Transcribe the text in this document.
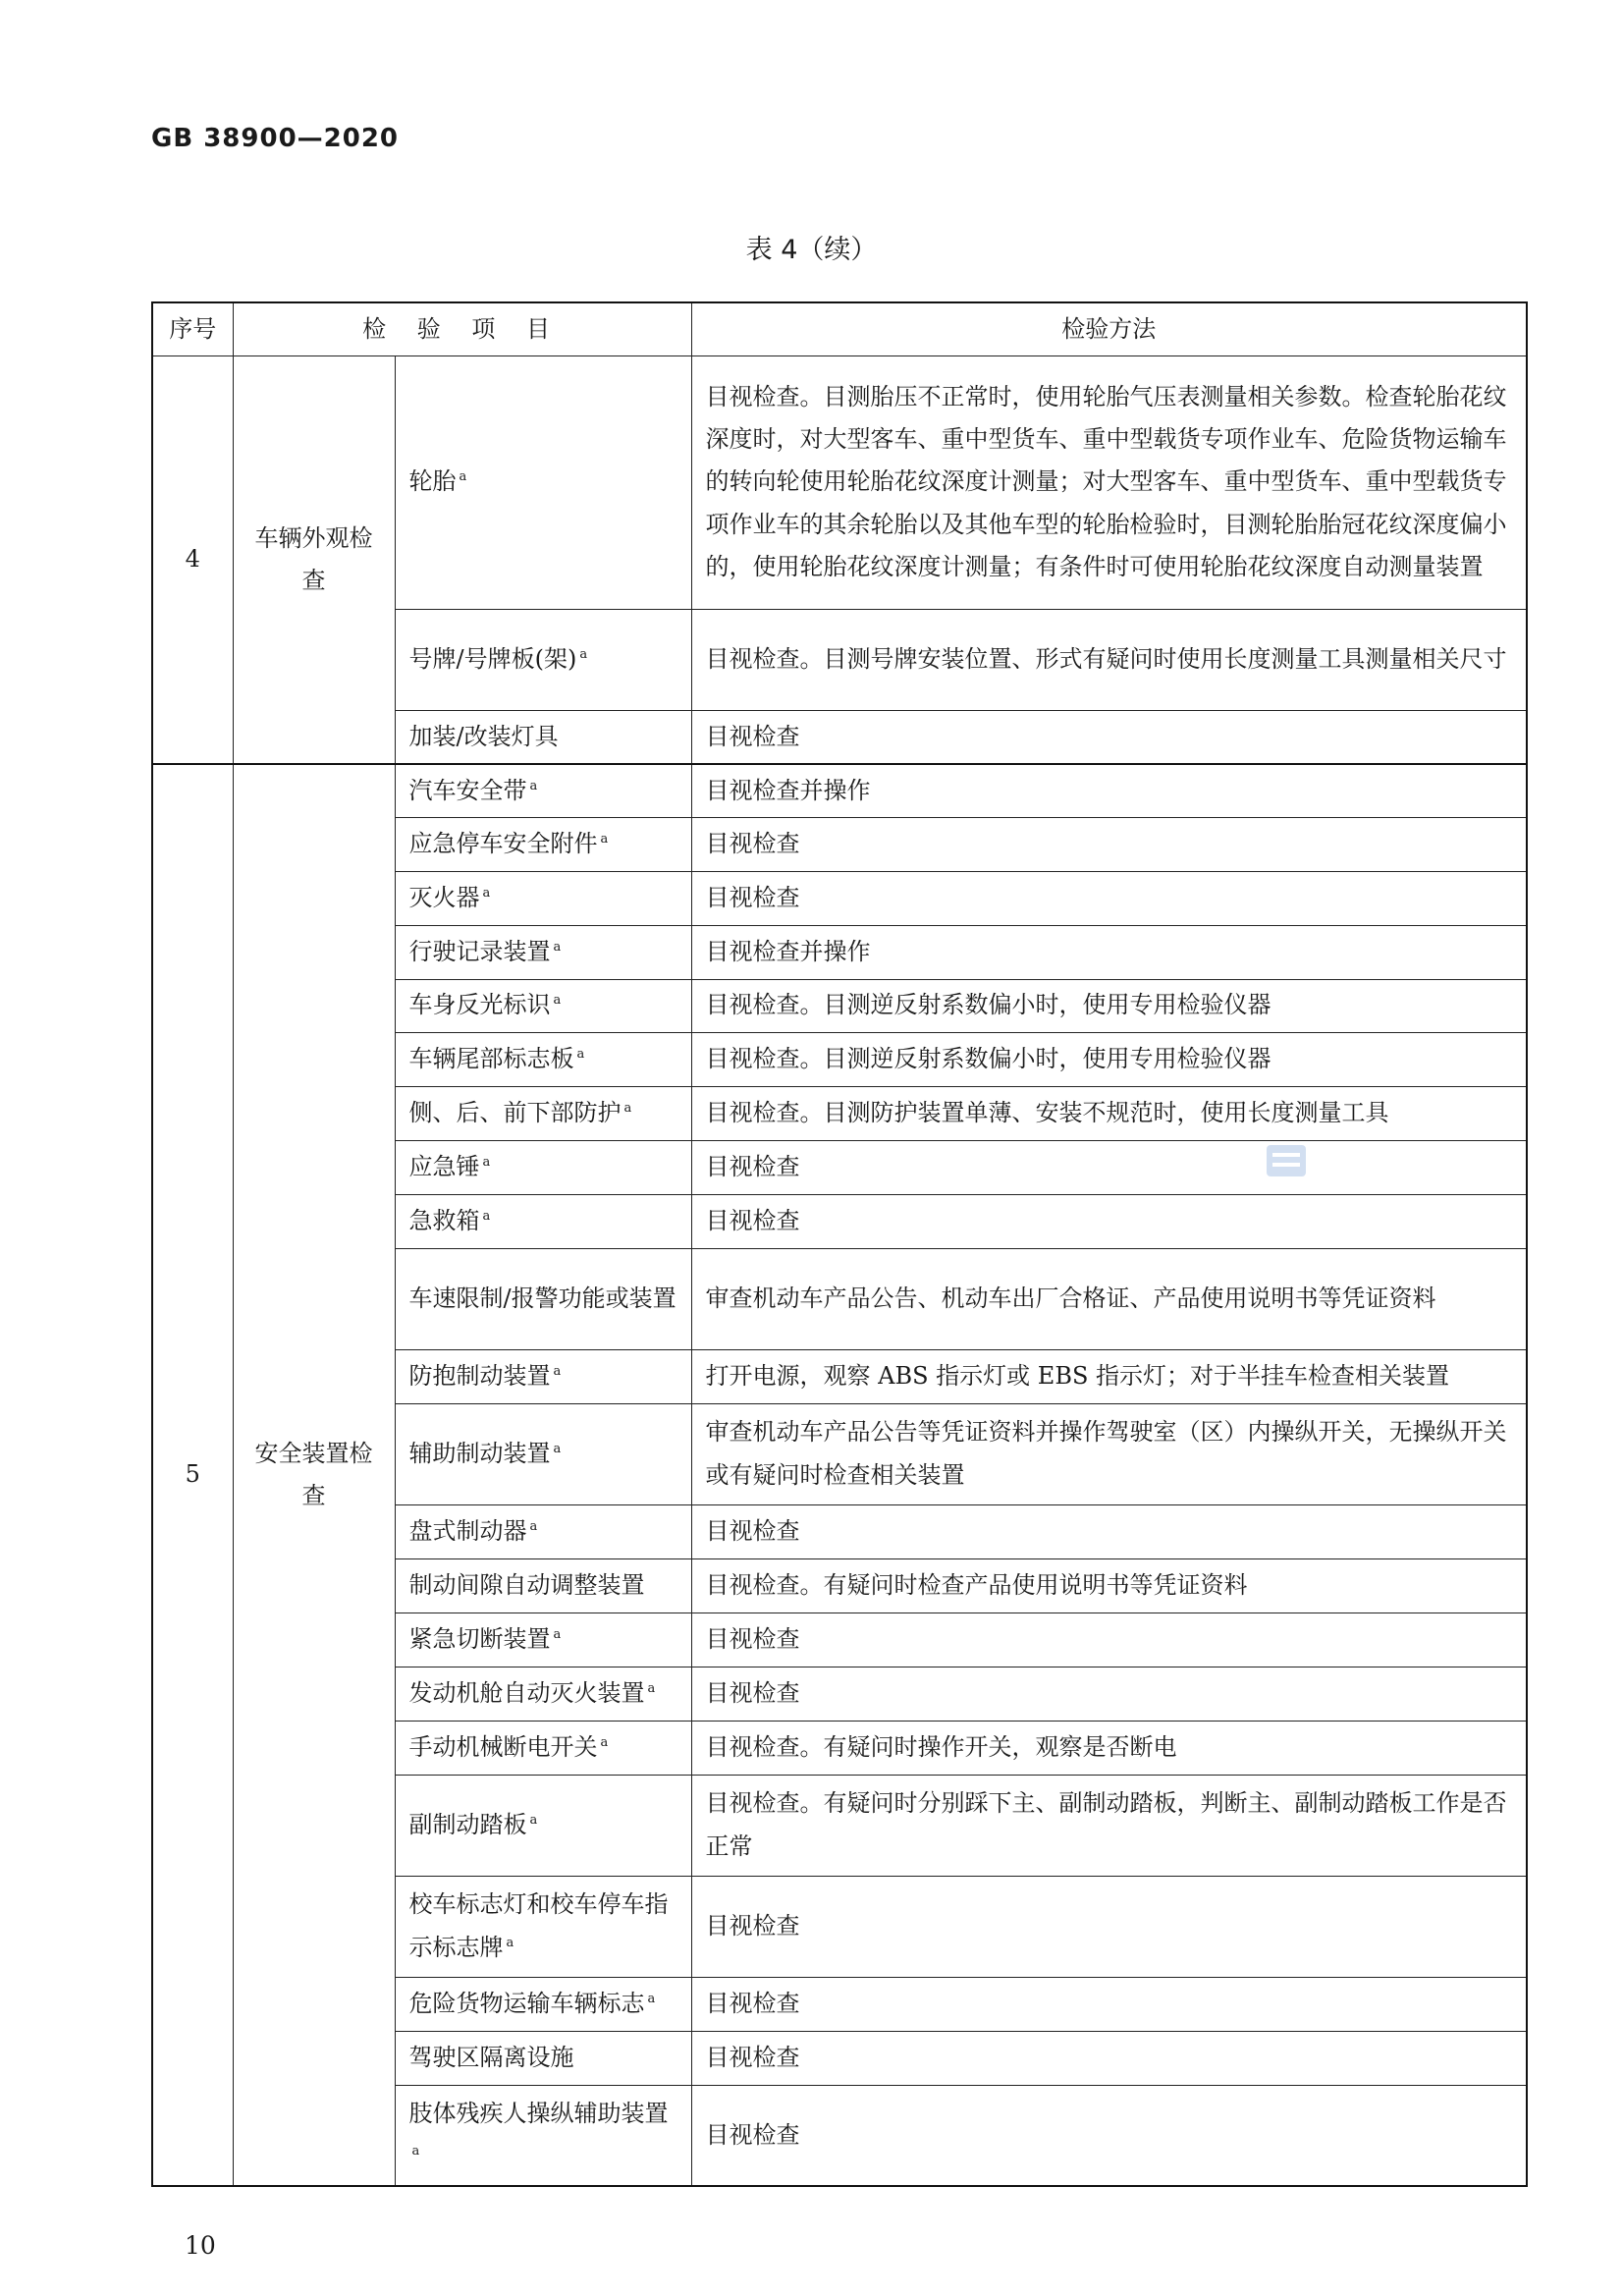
GB 38900—2020
表 4（续）
序号	检 验 项 目		检验方法
4	车辆外观检查	轮胎 $^a$	目视检查。目测胎压不正常时，使用轮胎气压表测量相关参数。检查轮胎花纹深度时，对大型客车、重中型货车、重中型载货专项作业车、危险货物运输车的转向轮使用轮胎花纹深度计测量；对大型客车、重中型货车、重中型载货专项作业车的其余轮胎以及其他车型的轮胎检验时，目测轮胎胎冠花纹深度偏小的，使用轮胎花纹深度计测量；有条件时可使用轮胎花纹深度自动测量装置
		号牌/号牌板(架) $^a$	目视检查。目测号牌安装位置、形式有疑问时使用长度测量工具测量相关尺寸
		加装/改装灯具	目视检查
5	安全装置检查	汽车安全带 $^a$	目视检查并操作
		应急停车安全附件 $^a$	目视检查
		灭火器 $^a$	目视检查
		行驶记录装置 $^a$	目视检查并操作
		车身反光标识 $^a$	目视检查。目测逆反射系数偏小时，使用专用检验仪器
		车辆尾部标志板 $^a$	目视检查。目测逆反射系数偏小时，使用专用检验仪器
		侧、后、前下部防护 $^a$	目视检查。目测防护装置单薄、安装不规范时，使用长度测量工具
		应急锤 $^a$	目视检查
		急救箱 $^a$	目视检查
		车速限制/报警功能或装置	审查机动车产品公告、机动车出厂合格证、产品使用说明书等凭证资料
		防抱制动装置 $^a$	打开电源，观察 ABS 指示灯或 EBS 指示灯；对于半挂车检查相关装置
		辅助制动装置 $^a$	审查机动车产品公告等凭证资料并操作驾驶室（区）内操纵开关，无操纵开关或有疑问时检查相关装置
		盘式制动器 $^a$	目视检查
		制动间隙自动调整装置	目视检查。有疑问时检查产品使用说明书等凭证资料
		紧急切断装置 $^a$	目视检查
		发动机舱自动灭火装置 $^a$	目视检查
		手动机械断电开关 $^a$	目视检查。有疑问时操作开关，观察是否断电
		副制动踏板 $^a$	目视检查。有疑问时分别踩下主、副制动踏板，判断主、副制动踏板工作是否正常
		校车标志灯和校车停车指示标志牌 $^a$	目视检查
		危险货物运输车辆标志 $^a$	目视检查
		驾驶区隔离设施	目视检查
		肢体残疾人操纵辅助装置$^a$	目视检查
10
